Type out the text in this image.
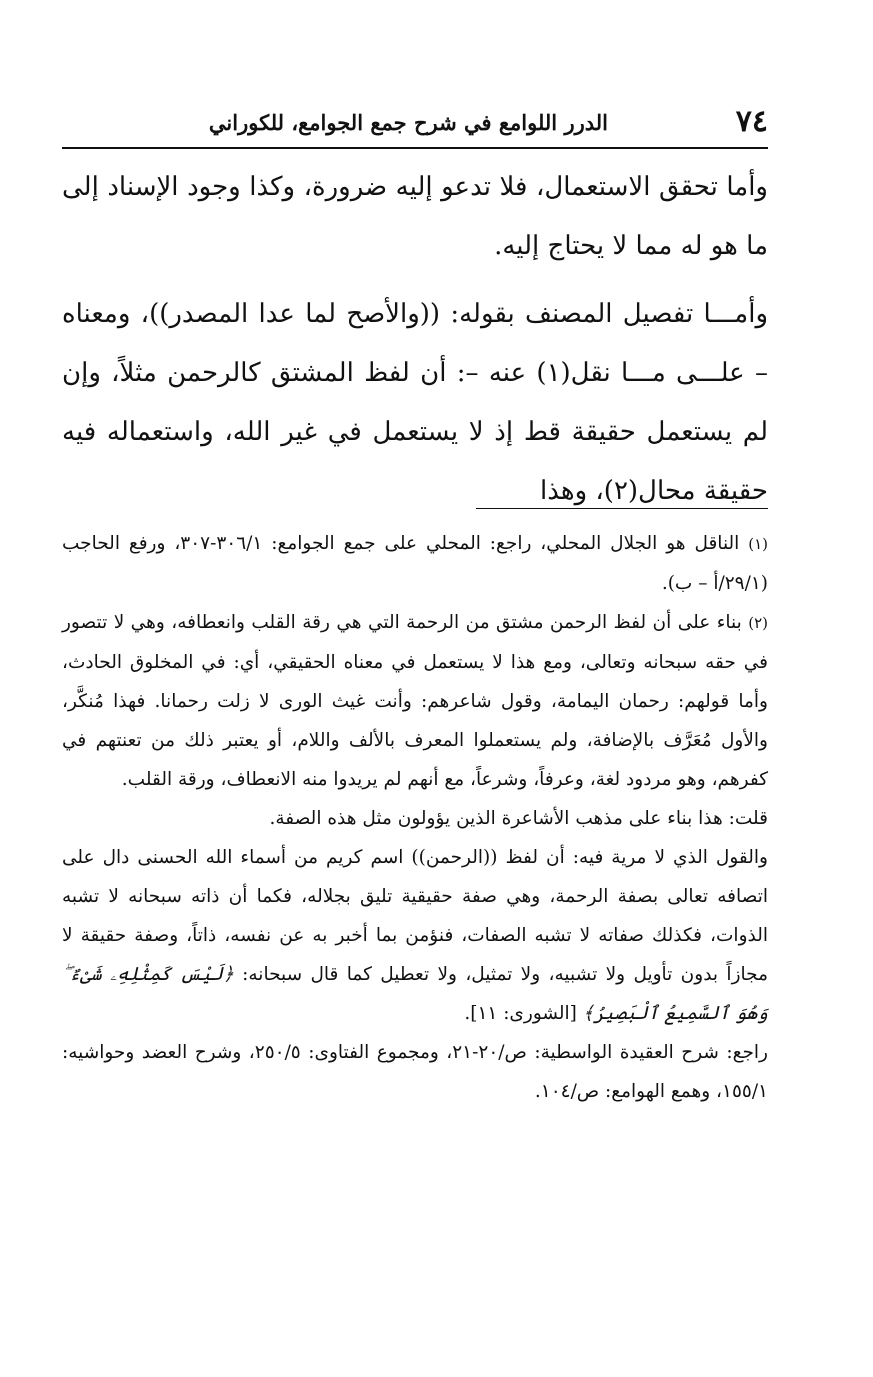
٧٤
الدرر اللوامع في شرح جمع الجوامع، للكوراني

وأما تحقق الاستعمال، فلا تدعو إليه ضرورة، وكذا وجود الإسناد إلى ما هو له مما لا يحتاج إليه.

وأمـــا تفصيل المصنف بقوله: ((والأصح لما عدا المصدر))، ومعناه – علـــى مـــا نقل(١) عنه –: أن لفظ المشتق كالرحمن مثلاً، وإن لم يستعمل حقيقة قط إذ لا يستعمل في غير الله، واستعماله فيه حقيقة محال(٢)، وهذا

(١) الناقل هو الجلال المحلي، راجع: المحلي على جمع الجوامع: ٣٠٦/١-٣٠٧، ورفع الحاجب (٢٩/١/أ – ب).

(٢) بناء على أن لفظ الرحمن مشتق من الرحمة التي هي رقة القلب وانعطافه، وهي لا تتصور في حقه سبحانه وتعالى، ومع هذا لا يستعمل في معناه الحقيقي، أي: في المخلوق الحادث، وأما قولهم: رحمان اليمامة، وقول شاعرهم: وأنت غيث الورى لا زلت رحمانا. فهذا مُنكَّر، والأول مُعَرَّف بالإضافة، ولم يستعملوا المعرف بالألف واللام، أو يعتبر ذلك من تعنتهم في كفرهم، وهو مردود لغة، وعرفاً، وشرعاً، مع أنهم لم يريدوا منه الانعطاف، ورقة القلب.

قلت: هذا بناء على مذهب الأشاعرة الذين يؤولون مثل هذه الصفة.

والقول الذي لا مرية فيه: أن لفظ ((الرحمن)) اسم كريم من أسماء الله الحسنى دال على اتصافه تعالى بصفة الرحمة، وهي صفة حقيقية تليق بجلاله، فكما أن ذاته سبحانه لا تشبه الذوات، فكذلك صفاته لا تشبه الصفات، فنؤمن بما أخبر به عن نفسه، ذاتاً، وصفة حقيقة لا مجازاً بدون تأويل ولا تشبيه، ولا تمثيل، ولا تعطيل كما قال سبحانه: ﴿لَيْسَ كَمِثْلِهِۦ شَىْءٌ ۖ وَهُوَ ٱلسَّمِيعُ ٱلْبَصِيرُ﴾ [الشورى: ١١].

راجع: شرح العقيدة الواسطية: ص/٢٠-٢١، ومجموع الفتاوى: ٢٥٠/٥، وشرح العضد وحواشيه: ١٥٥/١، وهمع الهوامع: ص/١٠٤.
